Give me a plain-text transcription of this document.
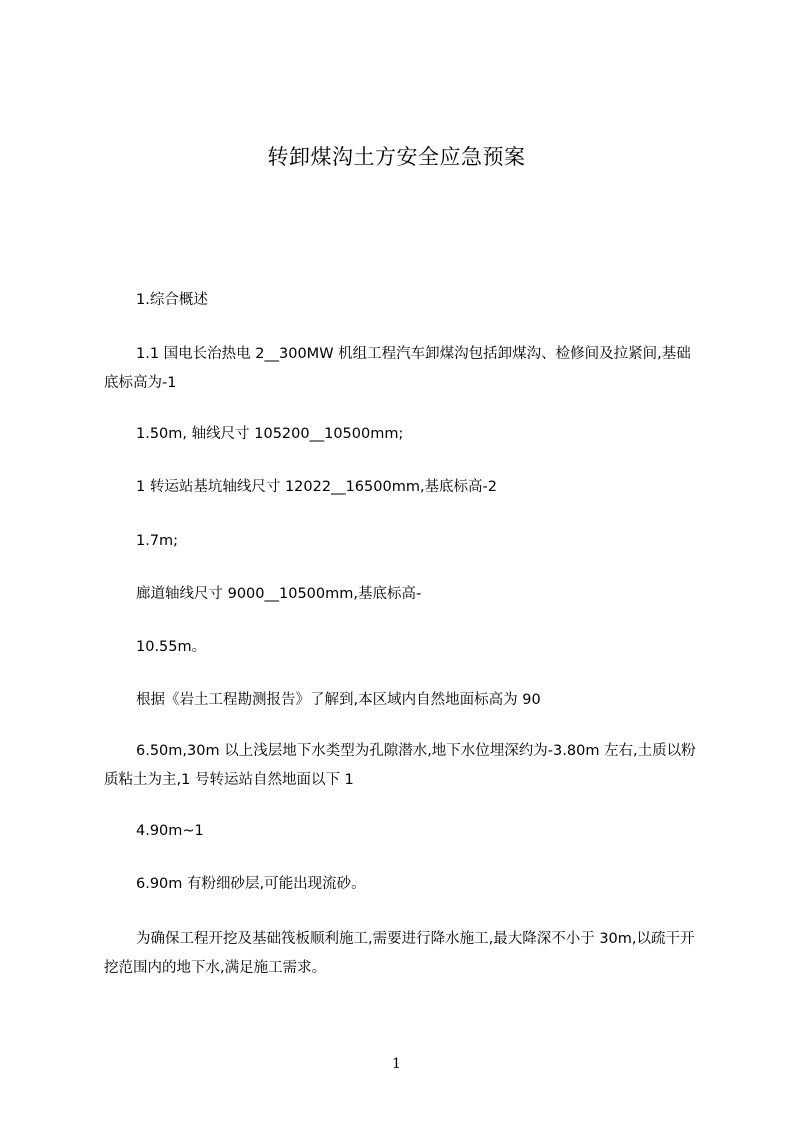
转卸煤沟土方安全应急预案
1.综合概述
1.1 国电长治热电 2__300MW 机组工程汽车卸煤沟包括卸煤沟、检修间及拉紧间,基础底标高为-1
1.50m, 轴线尺寸 105200__10500mm;
1 转运站基坑轴线尺寸 12022__16500mm,基底标高-2
1.7m;
廊道轴线尺寸 9000__10500mm,基底标高-
10.55m。
根据《岩土工程勘测报告》了解到,本区域内自然地面标高为 90
6.50m,30m 以上浅层地下水类型为孔隙潜水,地下水位埋深约为-3.80m 左右,土质以粉质粘土为主,1 号转运站自然地面以下 1
4.90m~1
6.90m 有粉细砂层,可能出现流砂。
为确保工程开挖及基础筏板顺利施工,需要进行降水施工,最大降深不小于 30m,以疏干开挖范围内的地下水,满足施工需求。
1
